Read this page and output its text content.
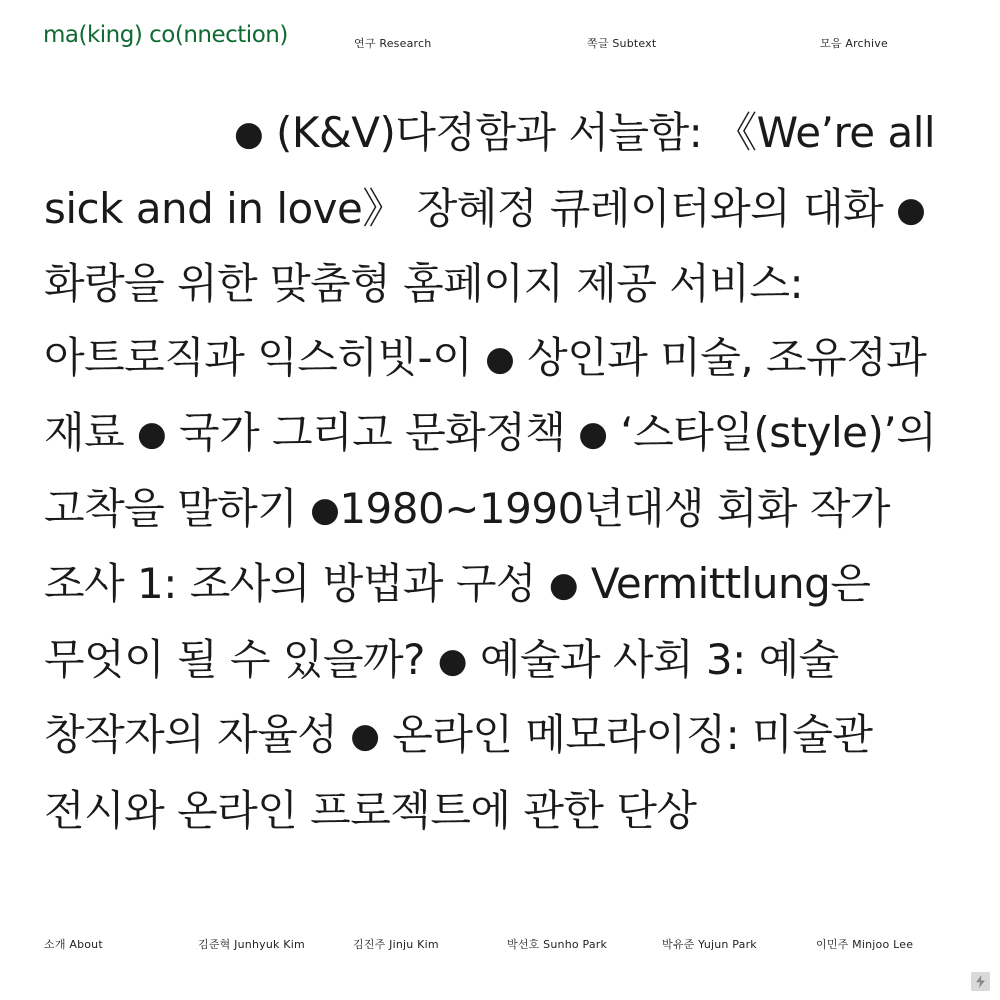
ma(king) co(nnection)	연구 Research	쪽글 Subtext	모음 Archive
● (K&V)다정함과 서늘함: 《We’re all sick and in love》 장혜정 큐레이터와의 대화 ● 화랑을 위한 맞춤형 홈페이지 제공 서비스: 아트로직과 익스히빗-이 ● 상인과 미술, 조유정과 재료 ● 국가 그리고 문화정책 ● ‘스타일(style)’의 고착을 말하기 ●1980~1990년대생 회화 작가 조사 1: 조사의 방법과 구성 ● Vermittlung은 무엇이 될 수 있을까? ● 예술과 사회 3: 예술 창작자의 자율성 ● 온라인 메모라이징: 미술관 전시와 온라인 프로젝트에 관한 단상
소개 About	김준혁 Junhyuk Kim	김진주 Jinju Kim	박선호 Sunho Park	박유준 Yujun Park	이민주 Minjoo Lee
